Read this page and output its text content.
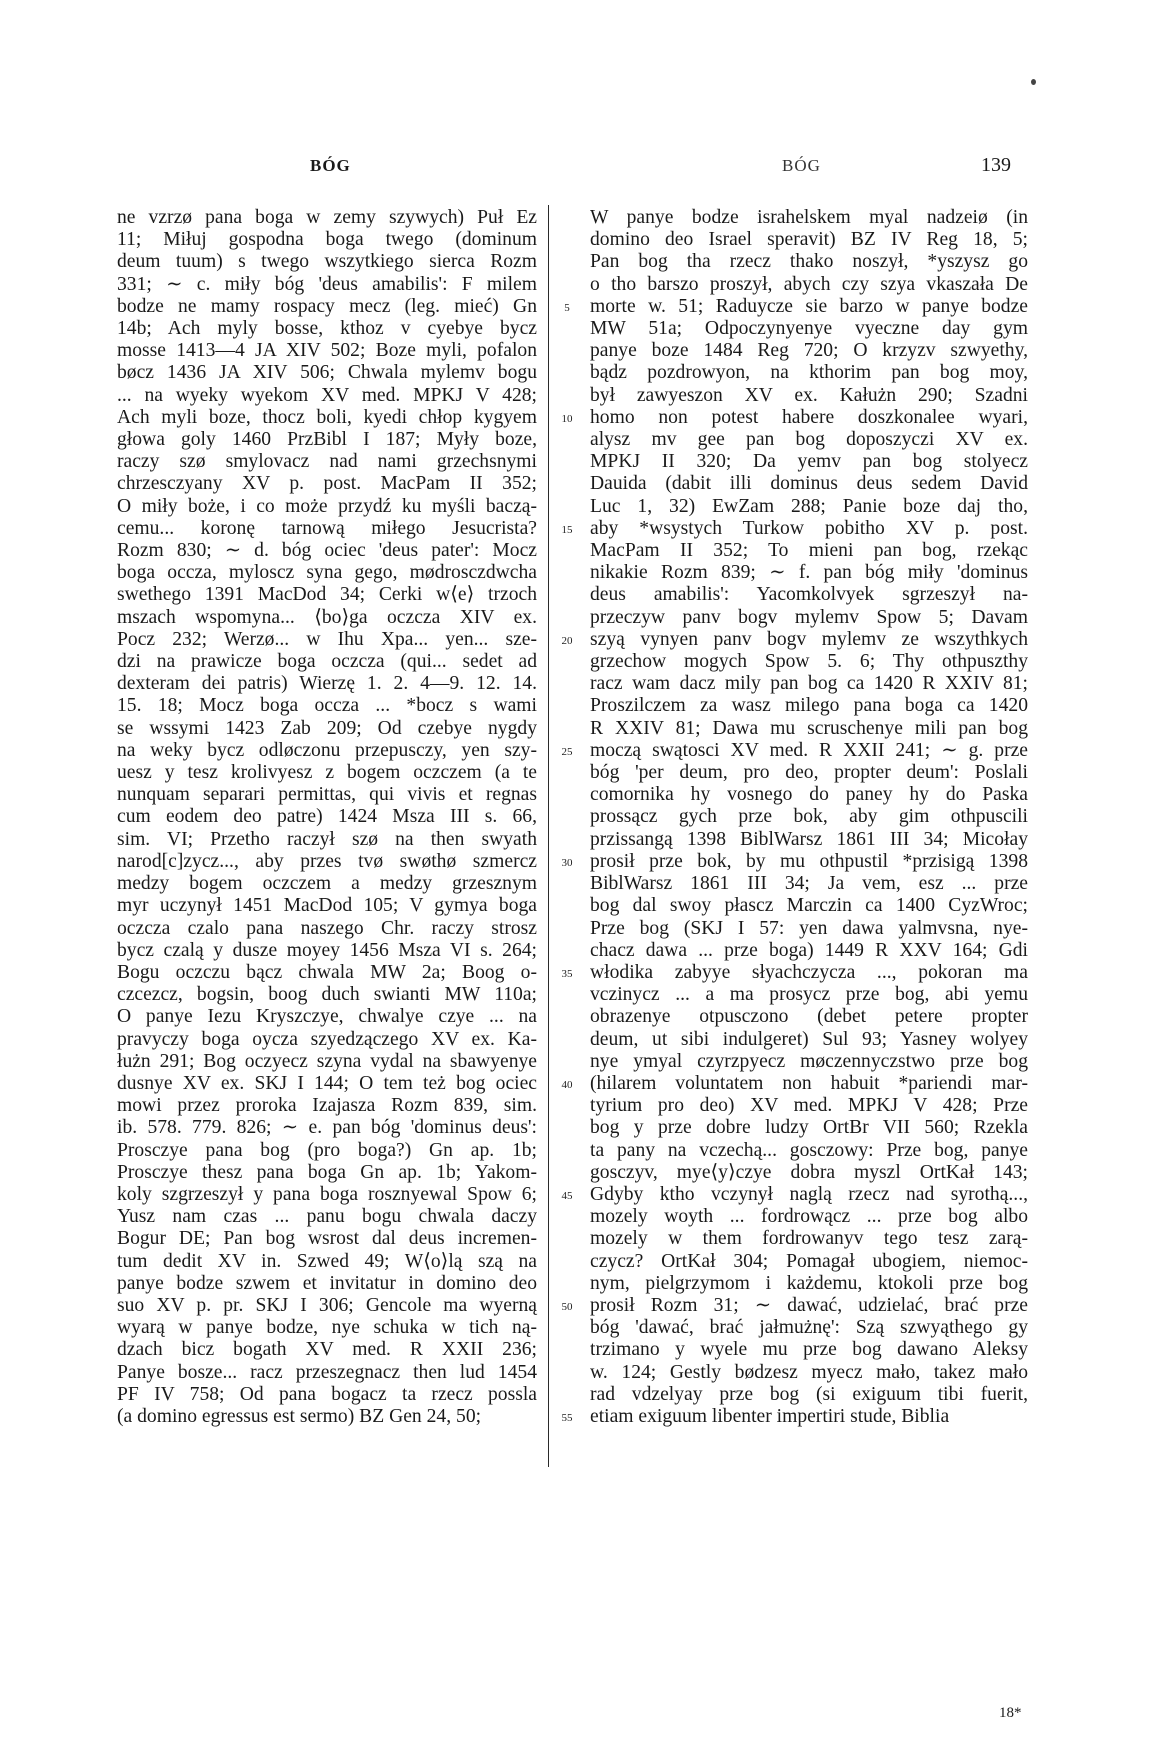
BÓG	BÓG	139
ne vzrzø pana boga w zemy szywych) Puł Ez
11; Miłuj gospodna boga twego (dominum
deum tuum) s twego wszytkiego sierca Rozm
331; ∼ c. miły bóg 'deus amabilis': F milem
bodze ne mamy rospacy mecz (leg. mieć) Gn
14b; Ach myly bosse, kthoz v cyebye bycz
mosse 1413—4 JA XIV 502; Boze myli, pofalon
bøcz 1436 JA XIV 506; Chwala mylemv bogu
... na wyeky wyekom XV med. MPKJ V 428;
Ach myli boze, thocz boli, kyedi chłop kygyem
głowa goly 1460 PrzBibl I 187; Myły boze,
raczy szø smylovacz nad nami grzechsnymi
chrzesczyany XV p. post. MacPam II 352;
O miły boże, i co może przydź ku myśli baczą-
cemu... koronę tarnową miłego Jesucrista?
Rozm 830; ∼ d. bóg ociec 'deus pater': Mocz
boga occza, myloscz syna gego, mødrosczdwcha
swethego 1391 MacDod 34; Cerki w⟨e⟩ trzoch
mszach wspomyna... ⟨bo⟩ga oczcza XIV ex.
Pocz 232; Werzø... w Ihu Xpa... yen... sze-
dzi na prawicze boga oczcza (qui... sedet ad
dexteram dei patris) Wierzę 1. 2. 4—9. 12. 14.
15. 18; Mocz boga occza ... *bocz s wami
se wssymi 1423 Zab 209; Od czebye nygdy
na weky bycz odløczonu przepusczy, yen szy-
uesz y tesz krolivyesz z bogem oczczem (a te
nunquam separari permittas, qui vivis et regnas
cum eodem deo patre) 1424 Msza III s. 66,
sim. VI; Przetho raczył szø na then swyath
narod[c]zycz..., aby przes tvø swøthø szmercz
medzy bogem oczczem a medzy grzesznym
myr uczynył 1451 MacDod 105; V gymya boga
oczcza czalo pana naszego Chr. raczy strosz
bycz czalą y dusze moyey 1456 Msza VI s. 264;
Bogu oczczu bącz chwala MW 2a; Boog o-
czcezcz, bogsin, boog duch swianti MW 110a;
O panye Iezu Kryszczye, chwalye czye ... na
pravyczy boga oycza szyedzączego XV ex. Ka-
łużn 291; Bog oczyecz szyna vydal na sbawyenye
dusnye XV ex. SKJ I 144; O tem też bog ociec
mowi przez proroka Izajasza Rozm 839, sim.
ib. 578. 779. 826; ∼ e. pan bóg 'dominus deus':
Prosczye pana bog (pro boga?) Gn ap. 1b;
Prosczye thesz pana boga Gn ap. 1b; Yakom-
koly szgrzeszył y pana boga rosznyewal Spow 6;
Yusz nam czas ... panu bogu chwala daczy
Bogur DE; Pan bog wsrost dal deus incremen-
tum dedit XV in. Szwed 49; W⟨o⟩lą szą na
panye bodze szwem et invitatur in domino deo
suo XV p. pr. SKJ I 306; Gencole ma wyerną
wyarą w panye bodze, nye schuka w tich ną-
dzach bicz bogath XV med. R XXII 236;
Panye bosze... racz przeszegnacz then lud 1454
PF IV 758; Od pana bogacz ta rzecz possla
(a domino egressus est sermo) BZ Gen 24, 50;
5
10
15
20
25
30
35
40
45
50
55
W panye bodze israhelskem myal nadzeiø (in
domino deo Israel speravit) BZ IV Reg 18, 5;
Pan bog tha rzecz thako noszył, *yszysz go
o tho barszo proszył, abych czy szya vkaszała De
morte w. 51; Raduycze sie barzo w panye bodze
MW 51a; Odpoczynyenye vyeczne day gym
panye boze 1484 Reg 720; O krzyzv szwyethy,
bądz pozdrowyon, na kthorim pan bog moy,
był zawyeszon XV ex. Kałużn 290; Szadni
homo non potest habere doszkonalee wyari,
alysz mv gee pan bog doposzyczi XV ex.
MPKJ II 320; Da yemv pan bog stolyecz
Dauida (dabit illi dominus deus sedem David
Luc 1, 32) EwZam 288; Panie boze daj tho,
aby *wsystych Turkow pobitho XV p. post.
MacPam II 352; To mieni pan bog, rzekąc
nikakie Rozm 839; ∼ f. pan bóg miły 'dominus
deus amabilis': Yacomkolvyek sgrzeszył na-
przeczyw panv bogv mylemv Spow 5; Davam
szyą vynyen panv bogv mylemv ze wszythkych
grzechow mogych Spow 5. 6; Thy othpuszthy
racz wam dacz mily pan bog ca 1420 R XXIV 81;
Proszilczem za wasz milego pana boga ca 1420
R XXIV 81; Dawa mu scruschenye mili pan bog
moczą swątosci XV med. R XXII 241; ∼ g. prze
bóg 'per deum, pro deo, propter deum': Poslali
comornika hy vosnego do paney hy do Paska
prossącz gych prze bok, aby gim othpuscili
przissangą 1398 BiblWarsz 1861 III 34; Micołay
prosił prze bok, by mu othpustil *przisigą 1398
BiblWarsz 1861 III 34; Ja vem, esz ... prze
bog dal swoy płascz Marczin ca 1400 CyzWroc;
Prze bog (SKJ I 57: yen dawa yalmvsna, nye-
chacz dawa ... prze boga) 1449 R XXV 164; Gdi
włodika zabyye słyachczycza ..., pokoran ma
vczinycz ... a ma prosycz prze bog, abi yemu
obrazenye otpusczono (debet petere propter
deum, ut sibi indulgeret) Sul 93; Yasney wolyey
nye ymyal czyrzpyecz møczennyczstwo prze bog
(hilarem voluntatem non habuit *pariendi mar-
tyrium pro deo) XV med. MPKJ V 428; Prze
bog y prze dobre ludzy OrtBr VII 560; Rzekla
ta pany na vczechą... gosczowy: Prze bog, panye
gosczyv, mye⟨y⟩czye dobra myszl OrtKał 143;
Gdyby ktho vczynył naglą rzecz nad syrothą...,
mozely woyth ... fordrowącz ... prze bog albo
mozely w them fordrowanyv tego tesz zarą-
czycz? OrtKał 304; Pomagał ubogiem, niemoc-
nym, pielgrzymom i każdemu, ktokoli prze bog
prosił Rozm 31; ∼ dawać, udzielać, brać prze
bóg 'dawać, brać jałmużnę': Szą szwyąthego gy
trzimano y wyele mu prze bog dawano Aleksy
w. 124; Gestly bødzesz myecz mało, takez mało
rad vdzelyay prze bog (si exiguum tibi fuerit,
etiam exiguum libenter impertiri stude, Biblia
18*
